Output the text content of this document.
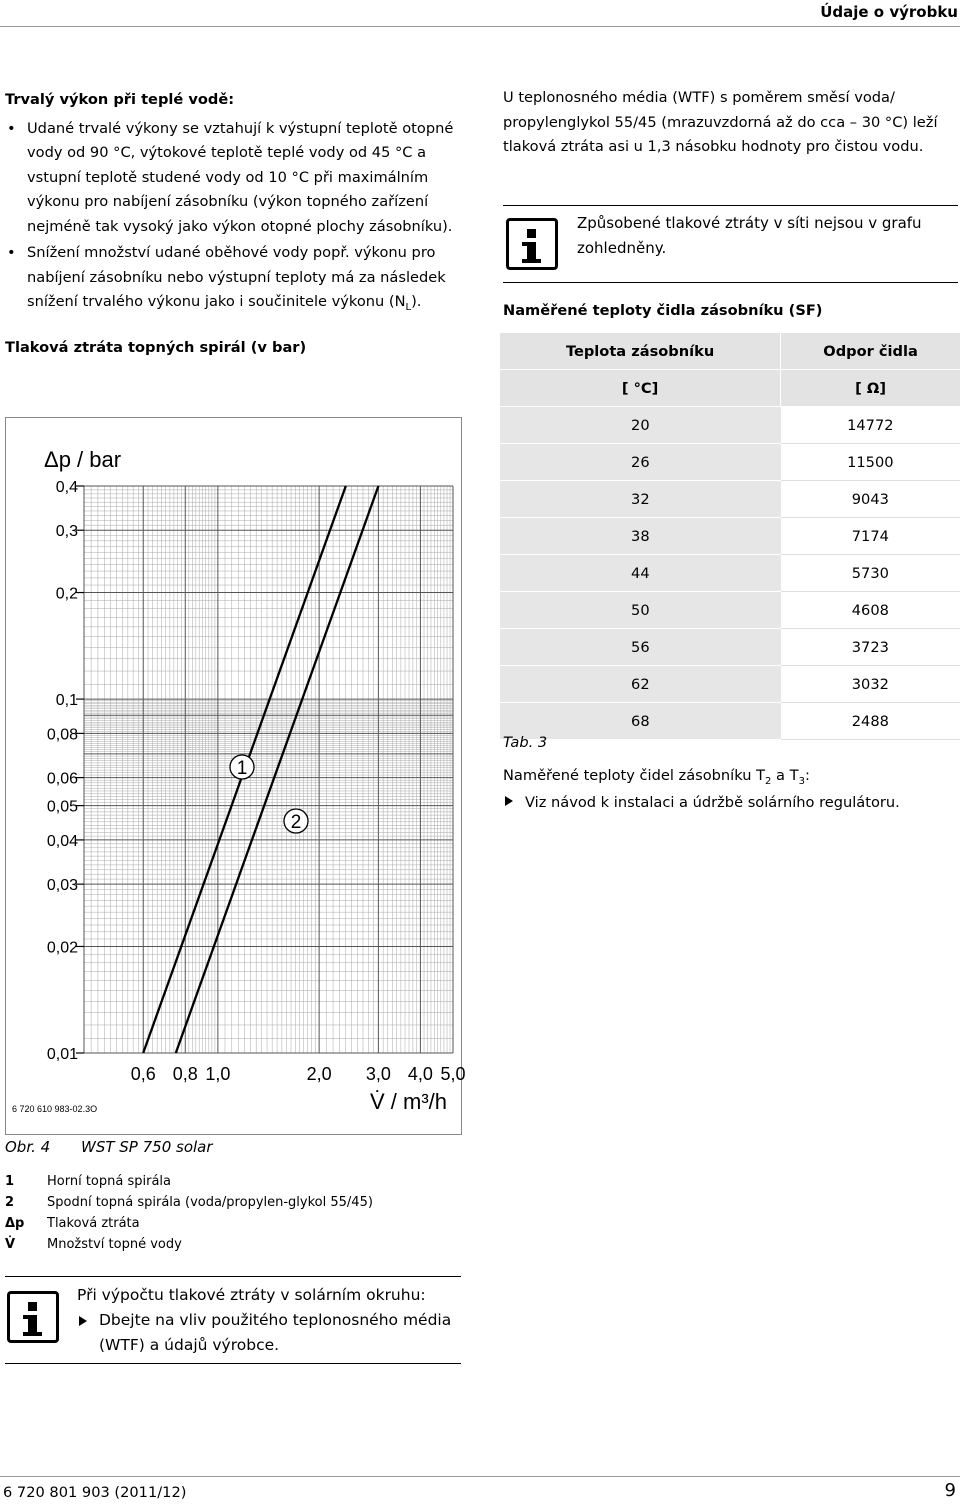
Údaje o výrobku
Trvalý výkon při teplé vodě:
• Udané trvalé výkony se vztahují k výstupní teplotě otopné vody od 90 °C, výtokové teplotě teplé vody od 45 °C a vstupní teplotě studené vody od 10 °C při maximálním výkonu pro nabíjení zásobníku (výkon topného zařízení nejméně tak vysoký jako výkon otopné plochy zásobníku).
• Snížení množství udané oběhové vody popř. výkonu pro nabíjení zásobníku nebo výstupní teploty má za následek snížení trvalého výkonu jako i součinitele výkonu $(N_L)$.
Tlaková ztráta topných spirál (v bar)
0,01
0,02
0,03
0,04
0,05
0,06
0,08
0,1
0,2
0,3
0,4
0,6 0,8 1,0	2,0 3,0 4,0 5,0
Δp / bar
V̇ / m³/h
6 720 610 983-02.3O
1
2
Obr. 4 WST SP 750 solar
1	Horní topná spirála
2	Spodní topná spirála (voda/propylen-glykol 55/45)
Δp Tlaková ztráta
V̇ Množství topné vody
Při výpočtu tlakové ztráty v solárním okruhu:
Dbejte na vliv použitého teplonosného média (WTF) a údajů výrobce.
U teplonosného média (WTF) s poměrem směsí voda/ propylenglykol 55/45 (mrazuvzdorná až do cca – 30 °C) leží tlaková ztráta asi u 1,3 násobku hodnoty pro čistou vodu.
Způsobené tlakové ztráty v síti nejsou v grafu zohledněny.
Naměřené teploty čidla zásobníku (SF)
Teplota zásobníku	Odpor čidla
[ °C]	[ Ω]
20	14772
26	11500
32	9043
38	7174
44	5730
50	4608
56	3723
62	3032
68	2488
Tab. 3
Naměřené teploty čidel zásobníku $T_2$ a $T_3$:
Viz návod k instalaci a údržbě solárního regulátoru.
6 720 801 903 (2011/12)	9
